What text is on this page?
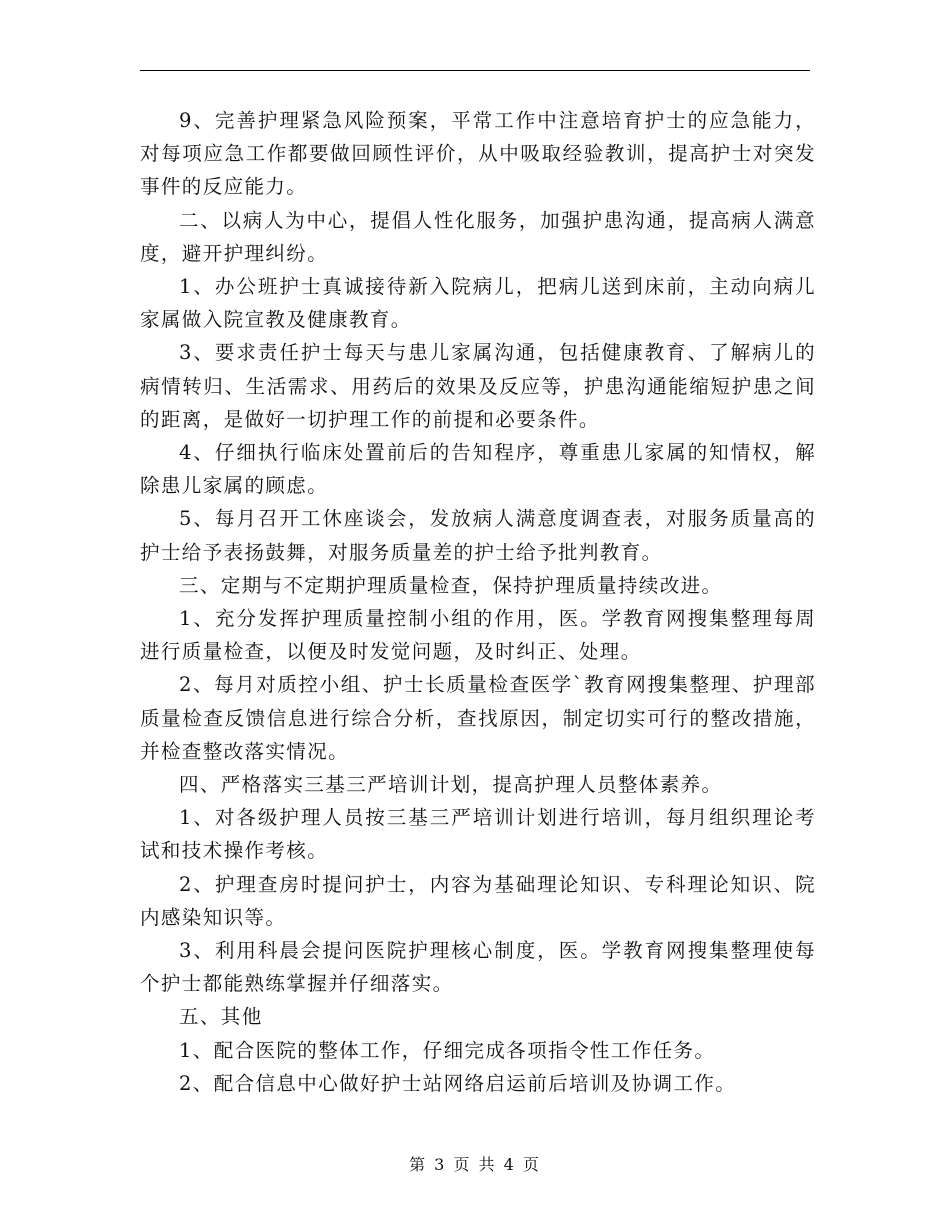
9、完善护理紧急风险预案，平常工作中注意培育护士的应急能力，对每项应急工作都要做回顾性评价，从中吸取经验教训，提高护士对突发事件的反应能力。

二、以病人为中心，提倡人性化服务，加强护患沟通，提高病人满意度，避开护理纠纷。

1、办公班护士真诚接待新入院病儿，把病儿送到床前，主动向病儿家属做入院宣教及健康教育。

3、要求责任护士每天与患儿家属沟通，包括健康教育、了解病儿的病情转归、生活需求、用药后的效果及反应等，护患沟通能缩短护患之间的距离，是做好一切护理工作的前提和必要条件。

4、仔细执行临床处置前后的告知程序，尊重患儿家属的知情权，解除患儿家属的顾虑。

5、每月召开工休座谈会，发放病人满意度调查表，对服务质量高的护士给予表扬鼓舞，对服务质量差的护士给予批判教育。

三、定期与不定期护理质量检查，保持护理质量持续改进。

1、充分发挥护理质量控制小组的作用，医。学教育网搜集整理每周进行质量检查，以便及时发觉问题，及时纠正、处理。

2、每月对质控小组、护士长质量检查医学`教育网搜集整理、护理部质量检查反馈信息进行综合分析，查找原因，制定切实可行的整改措施，并检查整改落实情况。

四、严格落实三基三严培训计划，提高护理人员整体素养。

1、对各级护理人员按三基三严培训计划进行培训，每月组织理论考试和技术操作考核。

2、护理查房时提问护士，内容为基础理论知识、专科理论知识、院内感染知识等。

3、利用科晨会提问医院护理核心制度，医。学教育网搜集整理使每个护士都能熟练掌握并仔细落实。

五、其他

1、配合医院的整体工作，仔细完成各项指令性工作任务。

2、配合信息中心做好护士站网络启运前后培训及协调工作。

第 3 页 共 4 页
